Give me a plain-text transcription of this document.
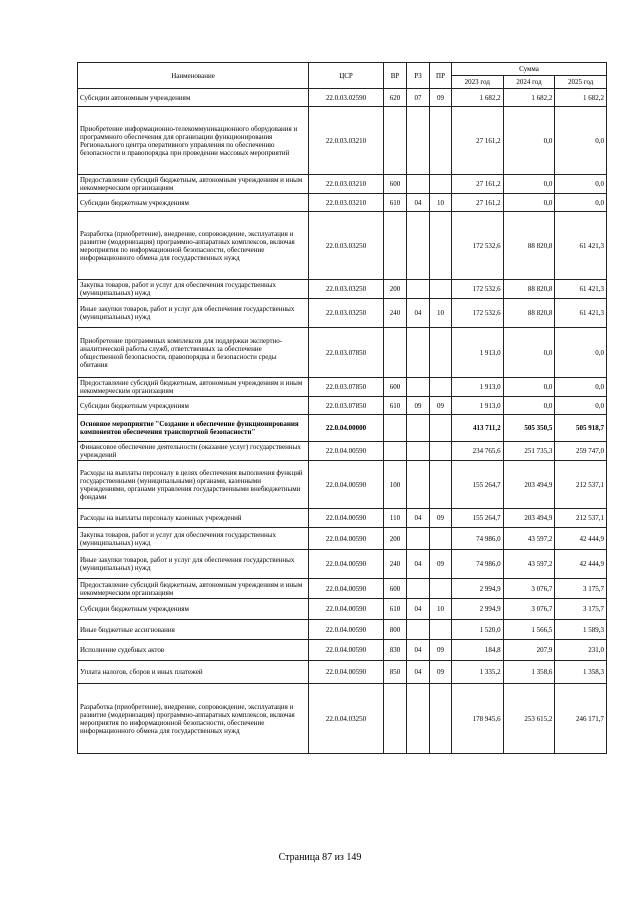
Наименование	ЦСР	ВР	РЗ	ПР	Сумма		
					2023 год	2024 год	2025 год
Субсидии автономным учреждениям	22.0.03.02590	620	07	09	1 682,2	1 682,2	1 682,2
Приобретение информационно-телекоммуникационного оборудования и программного обеспечения для организации функционирования Регионального центра оперативного управления по обеспечению безопасности и правопорядка при проведении массовых мероприятий	22.0.03.03210				27 161,2	0,0	0,0
Предоставление субсидий бюджетным, автономным учреждениям и иным некоммерческим организациям	22.0.03.03210	600			27 161,2	0,0	0,0
Субсидии бюджетным учреждениям	22.0.03.03210	610	04	10	27 161,2	0,0	0,0
Разработка (приобретение), внедрение, сопровождение, эксплуатация и развитие (модернизация) программно-аппаратных комплексов, включая мероприятия по информационной безопасности, обеспечение информационного обмена для государственных нужд	22.0.03.03250				172 532,6	88 820,8	61 421,3
Закупка товаров, работ и услуг для обеспечения государственных (муниципальных) нужд	22.0.03.03250	200			172 532,6	88 820,8	61 421,3
Иные закупки товаров, работ и услуг для обеспечения государственных (муниципальных) нужд	22.0.03.03250	240	04	10	172 532,6	88 820,8	61 421,3
Приобретение программных комплексов для поддержки экспертно-аналитической работы служб, ответственных за обеспечение общественной безопасности, правопорядка и безопасности среды обитания	22.0.03.07850				1 913,0	0,0	0,0
Предоставление субсидий бюджетным, автономным учреждениям и иным некоммерческим организациям	22.0.03.07850	600			1 913,0	0,0	0,0
Субсидии бюджетным учреждениям	22.0.03.07850	610	09	09	1 913,0	0,0	0,0
Основное мероприятие "Создание и обеспечение функционирования компонентов обеспечения транспортной безопасности"	22.0.04.00000				413 711,2	505 350,5	505 918,7
Финансовое обеспечение деятельности (оказание услуг) государственных учреждений	22.0.04.00590				234 765,6	251 735,3	259 747,0
Расходы на выплаты персоналу в целях обеспечения выполнения функций государственными (муниципальными) органами, казенными учреждениями, органами управления государственными внебюджетными фондами	22.0.04.00590	100			155 264,7	203 494,9	212 537,1
Расходы на выплаты персоналу казенных учреждений	22.0.04.00590	110	04	09	155 264,7	203 494,9	212 537,1
Закупка товаров, работ и услуг для обеспечения государственных (муниципальных) нужд	22.0.04.00590	200			74 986,0	43 597,2	42 444,9
Иные закупки товаров, работ и услуг для обеспечения государственных (муниципальных) нужд	22.0.04.00590	240	04	09	74 986,0	43 597,2	42 444,9
Предоставление субсидий бюджетным, автономным учреждениям и иным некоммерческим организациям	22.0.04.00590	600			2 994,9	3 076,7	3 175,7
Субсидии бюджетным учреждениям	22.0.04.00590	610	04	10	2 994,9	3 076,7	3 175,7
Иные бюджетные ассигнования	22.0.04.00590	800			1 520,0	1 566,5	1 589,3
Исполнение судебных актов	22.0.04.00590	830	04	09	184,8	207,9	231,0
Уплата налогов, сборов и иных платежей	22.0.04.00590	850	04	09	1 335,2	1 358,6	1 358,3
Разработка (приобретение), внедрение, сопровождение, эксплуатация и развитие (модернизация) программно-аппаратных комплексов, включая мероприятия по информационной безопасности, обеспечение информационного обмена для государственных нужд	22.0.04.03250				178 945,6	253 615,2	246 171,7
Страница 87 из 149
